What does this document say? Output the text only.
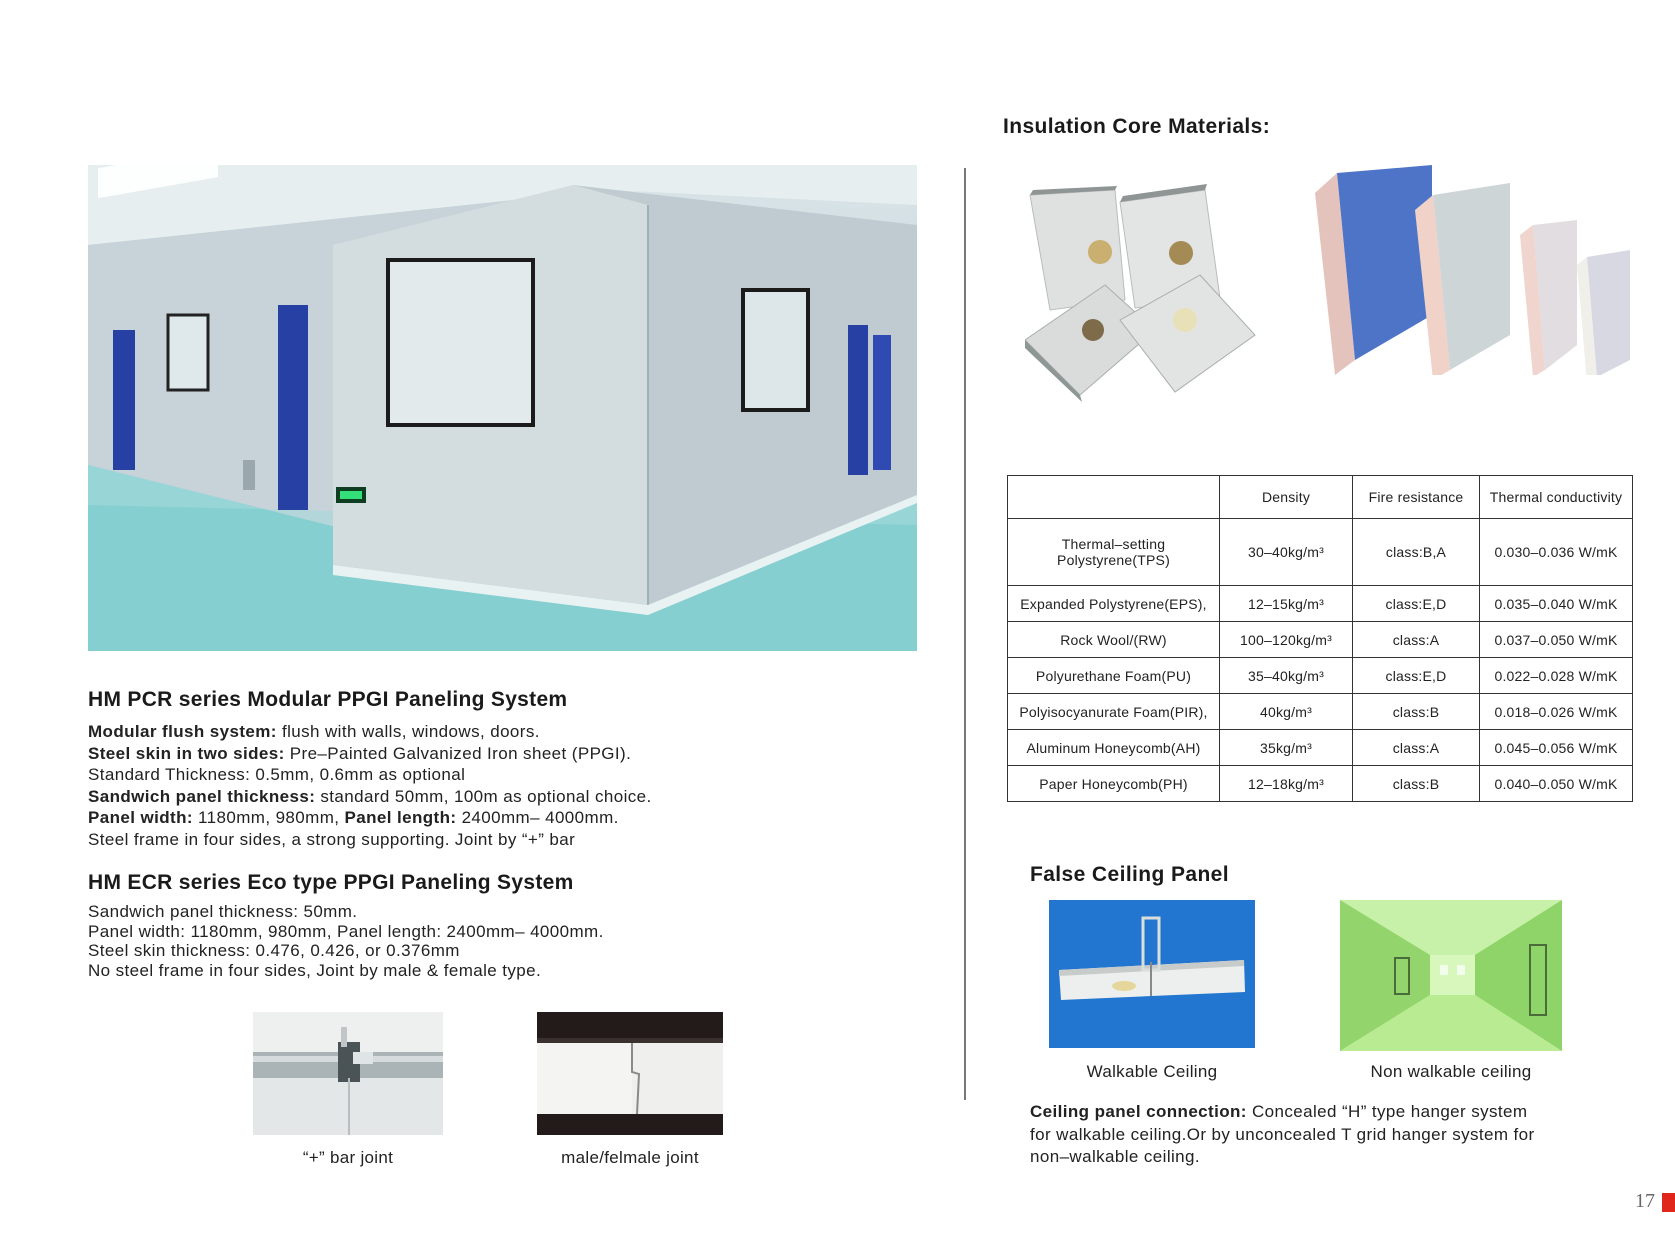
HM PCR series Modular PPGI Paneling System

Modular flush system: flush with walls, windows, doors.

Steel skin in two sides: Pre–Painted Galvanized Iron sheet (PPGI).

Standard Thickness: 0.5mm, 0.6mm as optional

Sandwich panel thickness: standard 50mm, 100m as optional choice.

Panel width: 1180mm, 980mm, Panel length: 2400mm– 4000mm.

Steel frame in four sides, a strong supporting. Joint by “+” bar

HM ECR series Eco type PPGI Paneling System

Sandwich panel thickness: 50mm.

Panel width: 1180mm, 980mm, Panel length: 2400mm– 4000mm.

Steel skin thickness: 0.476, 0.426, or 0.376mm

No steel frame in four sides, Joint by male & female type.

“+” bar joint	male/felmale joint
Insulation Core Materials:
	Density	Fire resistance	Thermal conductivity
Thermal–setting
Polystyrene(TPS)	30–40kg/m³	class:B,A	0.030–0.036 W/mK
Expanded Polystyrene(EPS),	12–15kg/m³	class:E,D	0.035–0.040 W/mK
Rock Wool/(RW)	100–120kg/m³	class:A	0.037–0.050 W/mK
Polyurethane Foam(PU)	35–40kg/m³	class:E,D	0.022–0.028 W/mK
Polyisocyanurate Foam(PIR),	40kg/m³	class:B	0.018–0.026 W/mK
Aluminum Honeycomb(AH)	35kg/m³	class:A	0.045–0.056 W/mK
Paper Honeycomb(PH)	12–18kg/m³	class:B	0.040–0.050 W/mK
False Ceiling Panel
Walkable Ceiling	Non walkable ceiling

Ceiling panel connection: Concealed “H” type hanger system

for walkable ceiling.Or by unconcealed T grid hanger system for

non–walkable ceiling.

17
